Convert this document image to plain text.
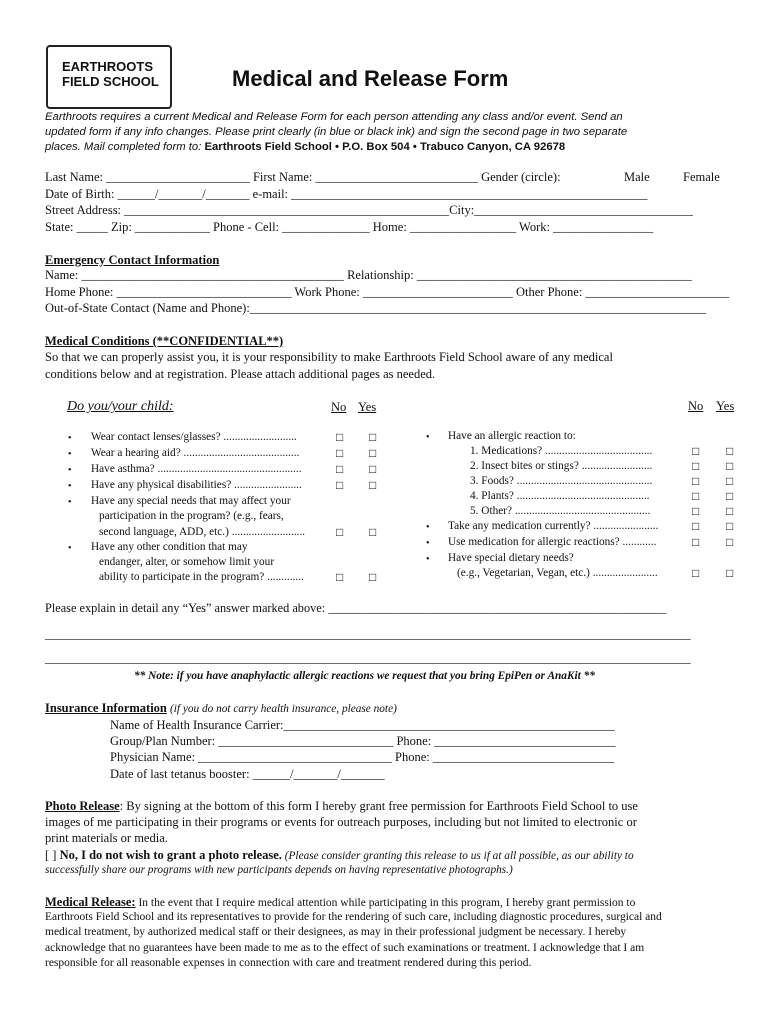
EARTHROOTS
FIELD SCHOOL	Medical and Release Form
Earthroots requires a current Medical and Release Form for each person attending any class and/or event. Send an
updated form if any info changes. Please print clearly (in blue or black ink) and sign the second page in two separate
places. Mail completed form to: Earthroots Field School • P.O. Box 504 • Trabuco Canyon, CA 92678
Last Name: _______________________ First Name: __________________________ Gender (circle):	Male	Female
Date of Birth: ______/_______/_______ e-mail: _________________________________________________________
Street Address: ____________________________________________________City:___________________________________
State: _____ Zip: ____________ Phone - Cell: ______________ Home: _________________ Work: ________________
Emergency Contact Information
Name: __________________________________________ Relationship: ____________________________________________
Home Phone: ____________________________ Work Phone: ________________________ Other Phone: _______________________
Out-of-State Contact (Name and Phone):_________________________________________________________________________
Medical Conditions (**CONFIDENTIAL**)
So that we can properly assist you, it is your responsibility to make Earthroots Field School aware of any medical
conditions below and at registration. Please attach additional pages as needed.
Do you/your child:	No Yes	No Yes
• Wear contact lenses/glasses? ..........................	□ □
• Wear a hearing aid? .........................................	□ □
• Have asthma? ...................................................	□ □
• Have any physical disabilities? ........................	□ □
• Have any special needs that may affect your
participation in the program? (e.g., fears,
second language, ADD, etc.) ..........................	□ □
• Have any other condition that may
endanger, alter, or somehow limit your
ability to participate in the program? .............	□ □
• Have an allergic reaction to:
1. Medications? ......................................	□ □
2. Insect bites or stings? .........................	□ □
3. Foods? ................................................	□ □
4. Plants? ...............................................	□ □
5. Other? ................................................	□ □
• Take any medication currently? .......................	□ □
• Use medication for allergic reactions? ............	□ □
• Have special dietary needs?
(e.g., Vegetarian, Vegan, etc.) .......................	□ □
Please explain in detail any “Yes” answer marked above: _______________________________________________________
_________________________________________________________________________________________________________
_________________________________________________________________________________________________________
** Note: if you have anaphylactic allergic reactions we request that you bring EpiPen or AnaKit **
Insurance Information (if you do not carry health insurance, please note)
Name of Health Insurance Carrier:_____________________________________________________
Group/Plan Number: ____________________________ Phone: _____________________________
Physician Name: _______________________________ Phone: _____________________________
Date of last tetanus booster: ______/_______/_______
Photo Release: By signing at the bottom of this form I hereby grant free permission for Earthroots Field School to use
images of me participating in their programs or events for outreach purposes, including but not limited to electronic or
print materials or media.
[ ] No, I do not wish to grant a photo release. (Please consider granting this release to us if at all possible, as our ability to
successfully share our programs with new participants depends on having representative photographs.)
Medical Release: In the event that I require medical attention while participating in this program, I hereby grant permission to
Earthroots Field School and its representatives to provide for the rendering of such care, including diagnostic procedures, surgical and
medical treatment, by authorized medical staff or their designees, as may in their professional judgment be necessary. I hereby
acknowledge that no guarantees have been made to me as to the effect of such examinations or treatment. I acknowledge that I am
responsible for all reasonable expenses in connection with care and treatment rendered during this period.
